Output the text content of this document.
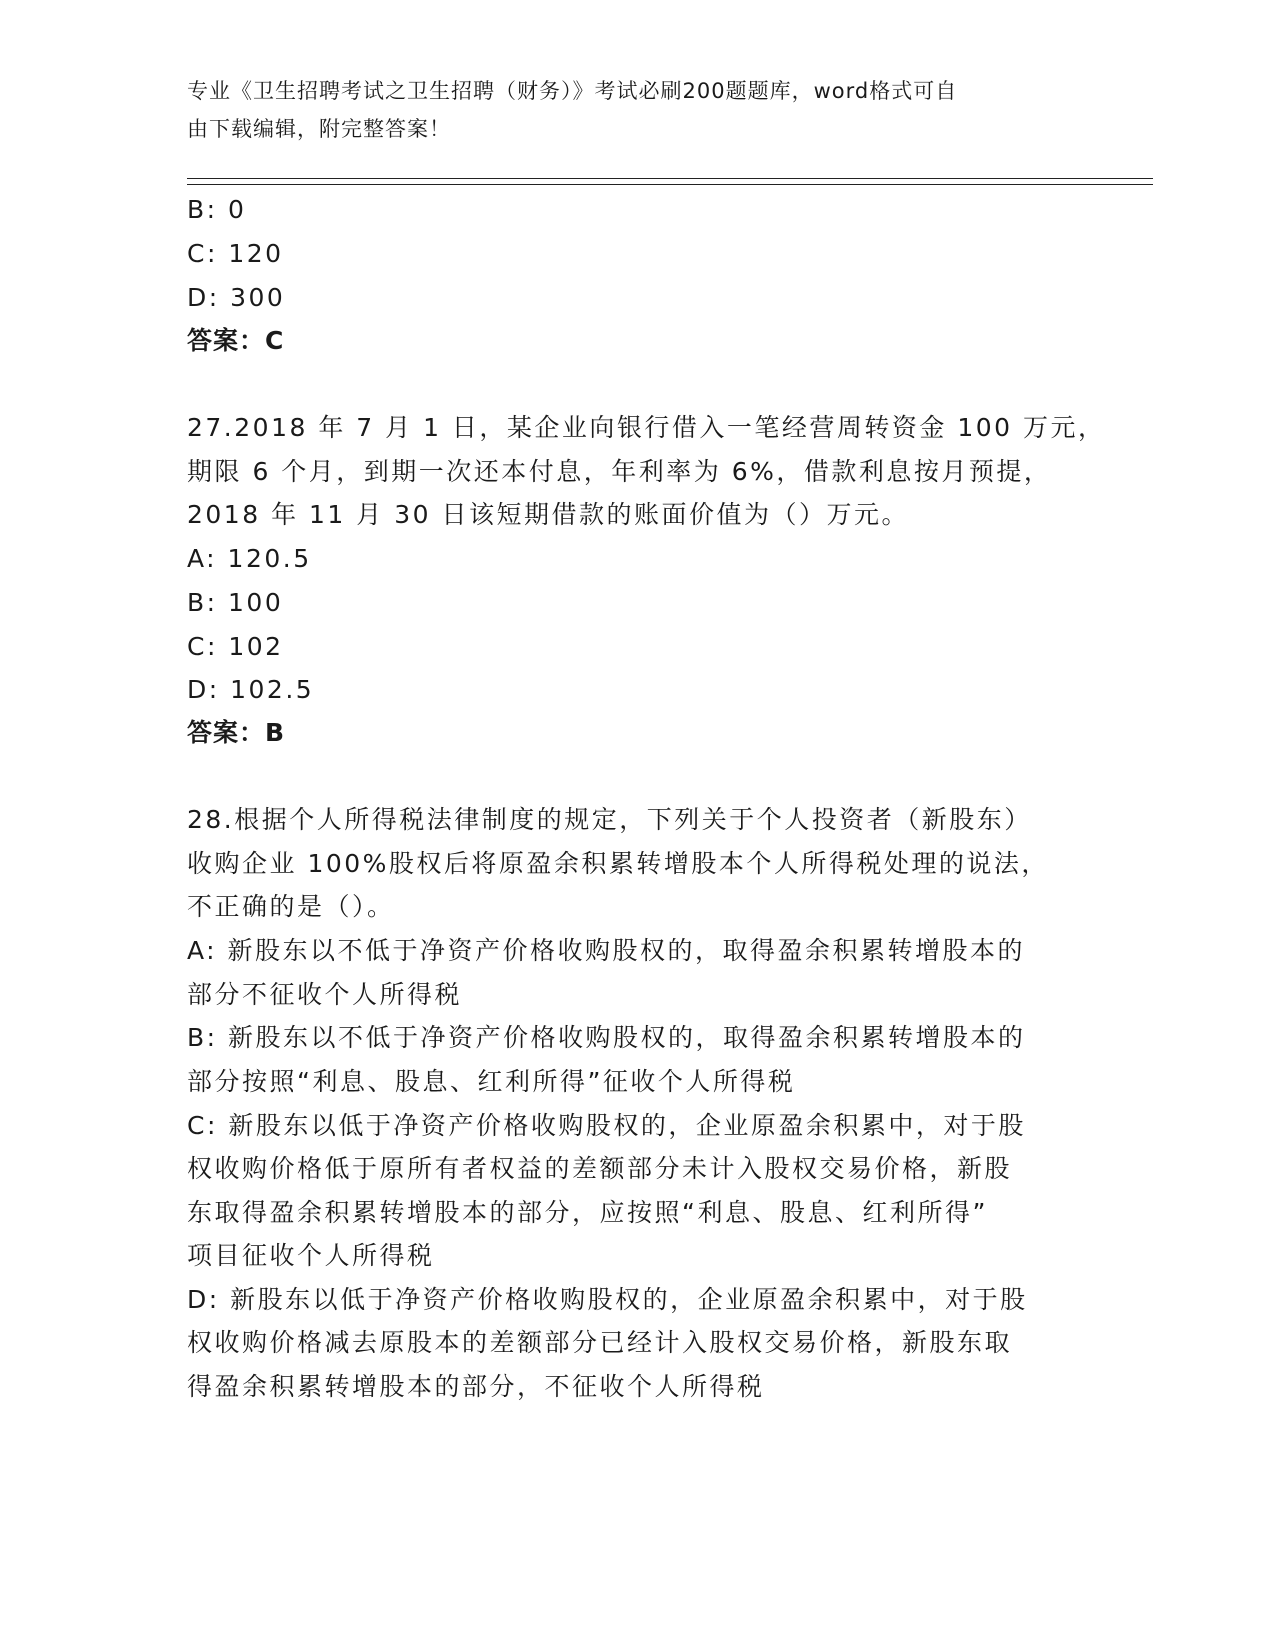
专业《卫生招聘考试之卫生招聘（财务）》考试必刷200题题库，word格式可自
由下载编辑，附完整答案！
B: 0
C: 120
D: 300
答案：C
27.2018 年 7 月 1 日，某企业向银行借入一笔经营周转资金 100 万元，
期限 6 个月，到期一次还本付息，年利率为 6%，借款利息按月预提，
2018 年 11 月 30 日该短期借款的账面价值为（）万元。
A: 120.5
B: 100
C: 102
D: 102.5
答案：B
28.根据个人所得税法律制度的规定，下列关于个人投资者（新股东）
收购企业 100%股权后将原盈余积累转增股本个人所得税处理的说法，
不正确的是（）。
A: 新股东以不低于净资产价格收购股权的，取得盈余积累转增股本的
部分不征收个人所得税
B: 新股东以不低于净资产价格收购股权的，取得盈余积累转增股本的
部分按照“利息、股息、红利所得”征收个人所得税
C: 新股东以低于净资产价格收购股权的，企业原盈余积累中，对于股
权收购价格低于原所有者权益的差额部分未计入股权交易价格，新股
东取得盈余积累转增股本的部分，应按照“利息、股息、红利所得”
项目征收个人所得税
D: 新股东以低于净资产价格收购股权的，企业原盈余积累中，对于股
权收购价格减去原股本的差额部分已经计入股权交易价格，新股东取
得盈余积累转增股本的部分，不征收个人所得税
